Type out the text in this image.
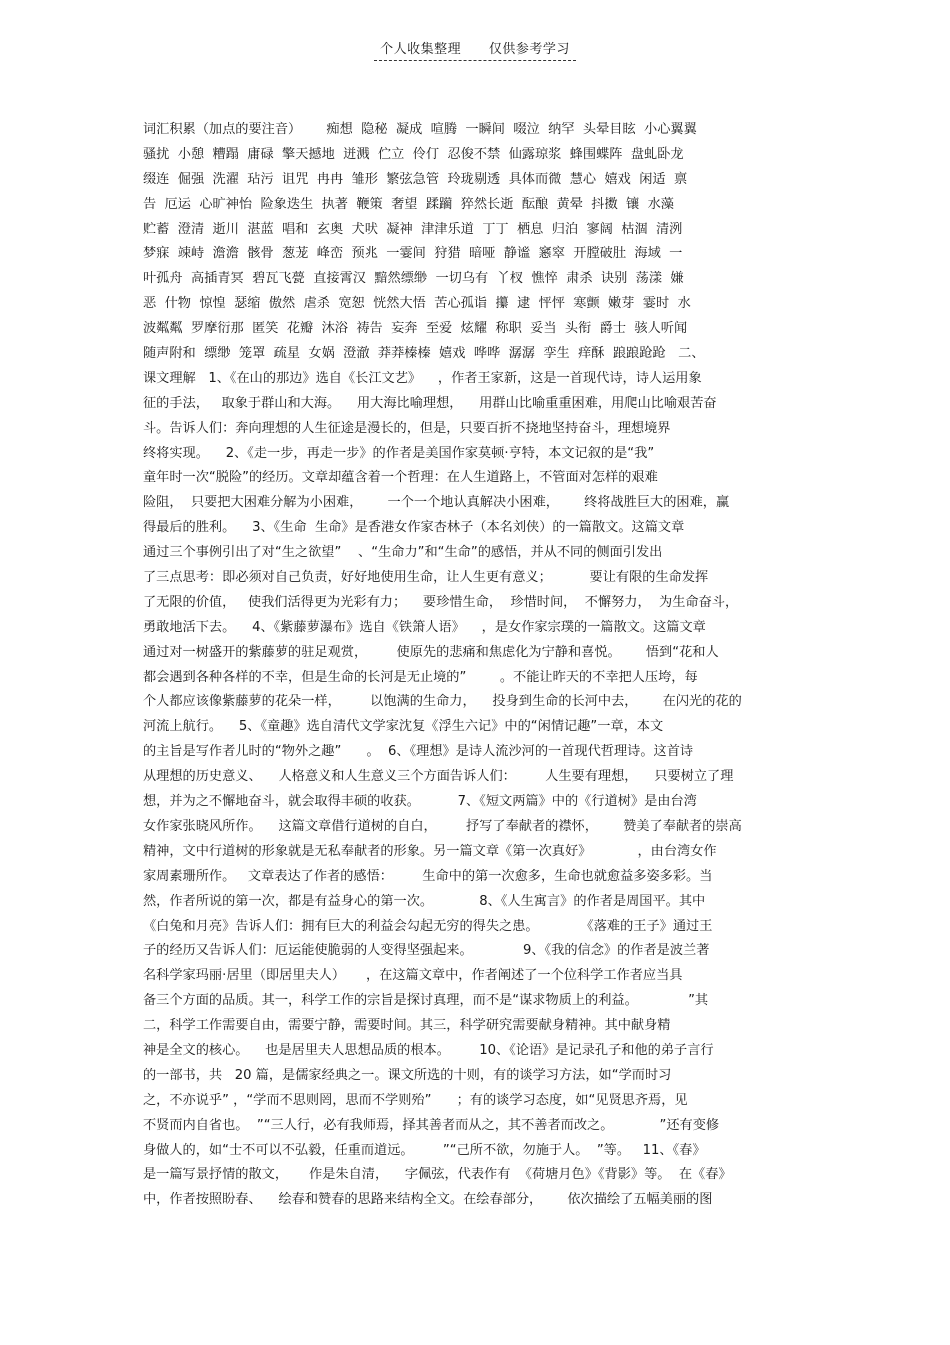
个人收集整理 仅供参考学习
词汇积累（加点的要注音）      痴想  隐秘  凝成  喧腾  一瞬间  啜泣  纳罕  头晕目眩  小心翼翼
骚扰  小憩  糟蹋  庸碌  擎天撼地  迸溅  伫立  伶仃  忍俊不禁  仙露琼浆  蜂围蝶阵  盘虬卧龙
缀连  倔强  洗濯  玷污  诅咒  冉冉  雏形  繁弦急管  玲珑剔透  具体而微  慧心  嬉戏  闲适  禀
告  厄运  心旷神怡  险象迭生  执著  鞭策  奢望  蹂躏  猝然长逝  酝酿  黄晕  抖擞  镶  水藻
贮蓄  澄清  逝川  湛蓝  唱和  玄奥  犬吠  凝神  津津乐道  丁丁  栖息  归泊  寥阔  枯涸  清洌
梦寐  竦峙  澹澹  骸骨  葱茏  峰峦  预兆  一霎间  狩猎  暗哑  静谧  窸窣  开膛破肚  海域  一
叶孤舟  高插青冥  碧瓦飞甍  直接霄汉  黯然缥缈  一切乌有  丫杈  憔悴  肃杀  诀别  荡漾  嫌
恶  什物  惊惶  瑟缩  傲然  虐杀  宽恕  恍然大悟  苦心孤诣  攥  逮  怦怦  寒颤  嫩芽  霎时  水
波粼粼  罗摩衍那  匿笑  花瓣  沐浴  祷告  妄奔  至爱  炫耀  称职  妥当  头衔  爵士  骇人听闻
随声附和  缥缈  笼罩  疏星  女娲  澄澈  莽莽榛榛  嬉戏  哗哗  潺潺  孪生  痒酥  踉踉跄跄   二、
课文理解   1、《在山的那边》选自《长江文艺》    ，作者王家新，这是一首现代诗，诗人运用象
征的手法，   取象于群山和大海。    用大海比喻理想，    用群山比喻重重困难，用爬山比喻艰苦奋
斗。告诉人们：奔向理想的人生征途是漫长的，但是，只要百折不挠地坚持奋斗，理想境界
终将实现。    2、《走一步，再走一步》的作者是美国作家莫顿·亨特，本文记叙的是“我”
童年时一次“脱险”的经历。文章却蕴含着一个哲理：在人生道路上，不管面对怎样的艰难
险阻，  只要把大困难分解为小困难，      一个一个地认真解决小困难，      终将战胜巨大的困难，赢
得最后的胜利。    3、《生命  生命》是香港女作家杏林子（本名刘侠）的一篇散文。这篇文章
通过三个事例引出了对“生之欲望”    、“生命力”和“生命”的感悟，并从不同的侧面引发出
了三点思考：即必须对自己负责，好好地使用生命，让人生更有意义；         要让有限的生命发挥
了无限的价值，   使我们活得更为光彩有力；    要珍惜生命，  珍惜时间，  不懈努力，  为生命奋斗，
勇敢地活下去。    4、《紫藤萝瀑布》选自《铁箫人语》    ，是女作家宗璞的一篇散文。这篇文章
通过对一树盛开的紫藤萝的驻足观赏，       使原先的悲痛和焦虑化为宁静和喜悦。      悟到“花和人
都会遇到各种各样的不幸，但是生命的长河是无止境的”        。不能让昨天的不幸把人压垮，每
个人都应该像紫藤萝的花朵一样，       以饱满的生命力，    投身到生命的长河中去，      在闪光的花的
河流上航行。    5、《童趣》选自清代文学家沈复《浮生六记》中的“闲情记趣”一章，本文
的主旨是写作者儿时的“物外之趣”      。  6、《理想》是诗人流沙河的一首现代哲理诗。这首诗
从理想的历史意义、    人格意义和人生意义三个方面告诉人们：       人生要有理想，    只要树立了理
想，并为之不懈地奋斗，就会取得丰硕的收获。         7、《短文两篇》中的《行道树》是由台湾
女作家张晓风所作。    这篇文章借行道树的自白，       抒写了奉献者的襟怀，      赞美了奉献者的崇高
精神，文中行道树的形象就是无私奉献者的形象。另一篇文章《第一次真好》           ，由台湾女作
家周素珊所作。   文章表达了作者的感悟：       生命中的第一次愈多，生命也就愈益多姿多彩。当
然，作者所说的第一次，都是有益身心的第一次。           8、《人生寓言》的作者是周国平。其中
《白兔和月亮》告诉人们：拥有巨大的利益会勾起无穷的得失之患。          《落难的王子》通过王
子的经历又告诉人们：厄运能使脆弱的人变得坚强起来。            9、《我的信念》的作者是波兰著
名科学家玛丽·居里（即居里夫人）     ，在这篇文章中，作者阐述了一个位科学工作者应当具
备三个方面的品质。其一，科学工作的宗旨是探讨真理，而不是“谋求物质上的利益。            ”其
二，科学工作需要自由，需要宁静，需要时间。其三，科学研究需要献身精神。其中献身精
神是全文的核心。    也是居里夫人思想品质的根本。       10、《论语》是记录孔子和他的弟子言行
的一部书，共   20 篇，是儒家经典之一。课文所选的十则，有的谈学习方法，如“学而时习
之，不亦说乎” ，“学而不思则罔，思而不学则殆”      ；有的谈学习态度，如“见贤思齐焉，见
不贤而内自省也。  ”“三人行，必有我师焉，择其善者而从之，其不善者而改之。           ”还有变修
身做人的，如“士不可以不弘毅，任重而道远。       ”“己所不欲，勿施于人。  ”等。   11、《春》
是一篇写景抒情的散文，     作是朱自清，    字佩弦，代表作有  《荷塘月色》《背影》等。  在《春》
中，作者按照盼春、    绘春和赞春的思路来结构全文。在绘春部分，      依次描绘了五幅美丽的图
